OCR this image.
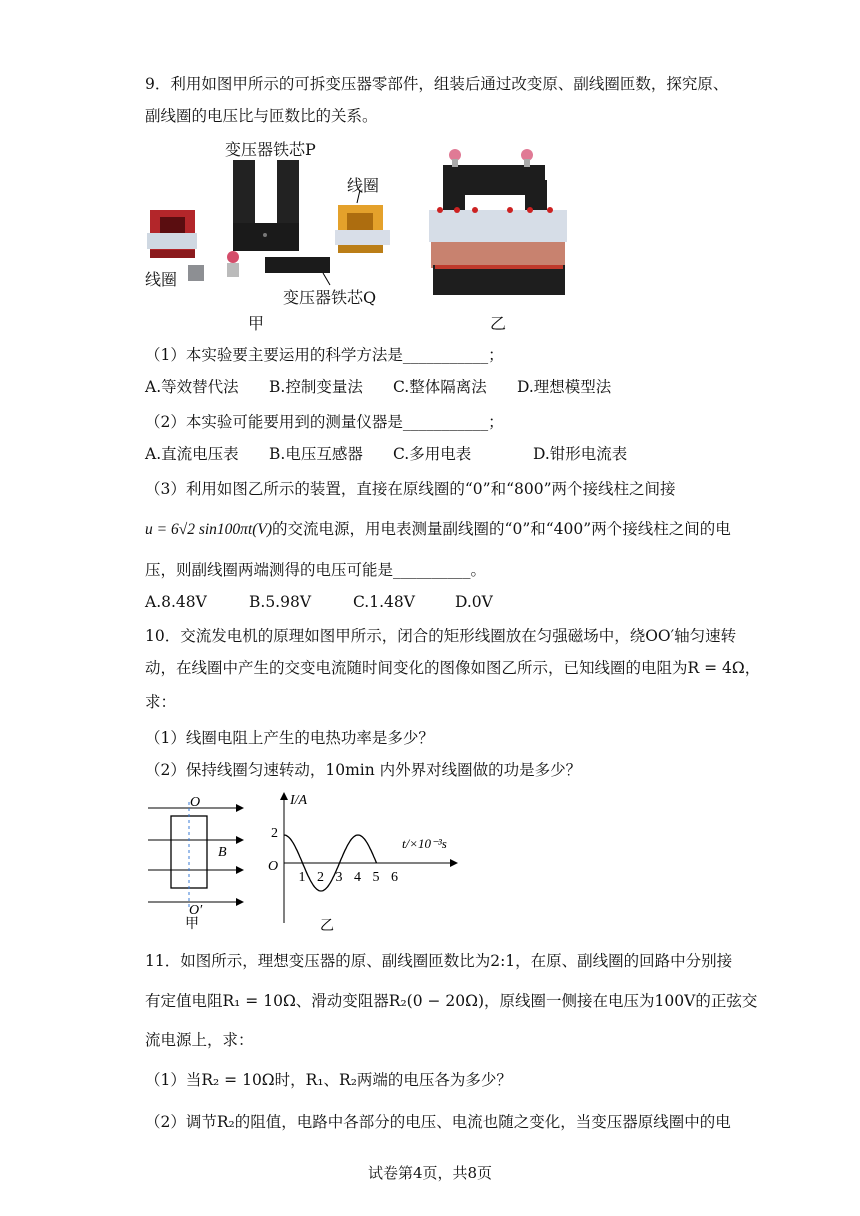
9．利用如图甲所示的可拆变压器零部件，组装后通过改变原、副线圈匝数，探究原、
副线圈的电压比与匝数比的关系。
变压器铁芯P
线圈
线圈
变压器铁芯Q
甲	乙
（1）本实验要主要运用的科学方法是___________；
A.等效替代法 B.控制变量法 C.整体隔离法 D.理想模型法
（2）本实验可能要用到的测量仪器是___________；
A.直流电压表 B.电压互感器 C.多用电表	D.钳形电流表
（3）利用如图乙所示的装置，直接在原线圈的“0”和“800”两个接线柱之间接
u = 6√2 sin100πt(V)的交流电源，用电表测量副线圈的“0”和“400”两个接线柱之间的电
压，则副线圈两端测得的电压可能是__________。
A.8.48V	B.5.98V	C.1.48V	D.0V
10．交流发电机的原理如图甲所示，闭合的矩形线圈放在匀强磁场中，绕OO′轴匀速转
动，在线圈中产生的交变电流随时间变化的图像如图乙所示，已知线圈的电阻为R = 4Ω，
求：
（1）线圈电阻上产生的电热功率是多少？
（2）保持线圈匀速转动，10min 内外界对线圈做的功是多少？
O
O′
B
甲
I/A
t/×10⁻³s
O
2
1 2 3 4 5 6
乙
11．如图所示，理想变压器的原、副线圈匝数比为2:1，在原、副线圈的回路中分别接
有定值电阻R₁ = 10Ω、滑动变阻器R₂(0 − 20Ω)，原线圈一侧接在电压为100V的正弦交
流电源上，求：
（1）当R₂ = 10Ω时，R₁、R₂两端的电压各为多少？
（2）调节R₂的阻值，电路中各部分的电压、电流也随之变化，当变压器原线圈中的电
试卷第4页，共8页
